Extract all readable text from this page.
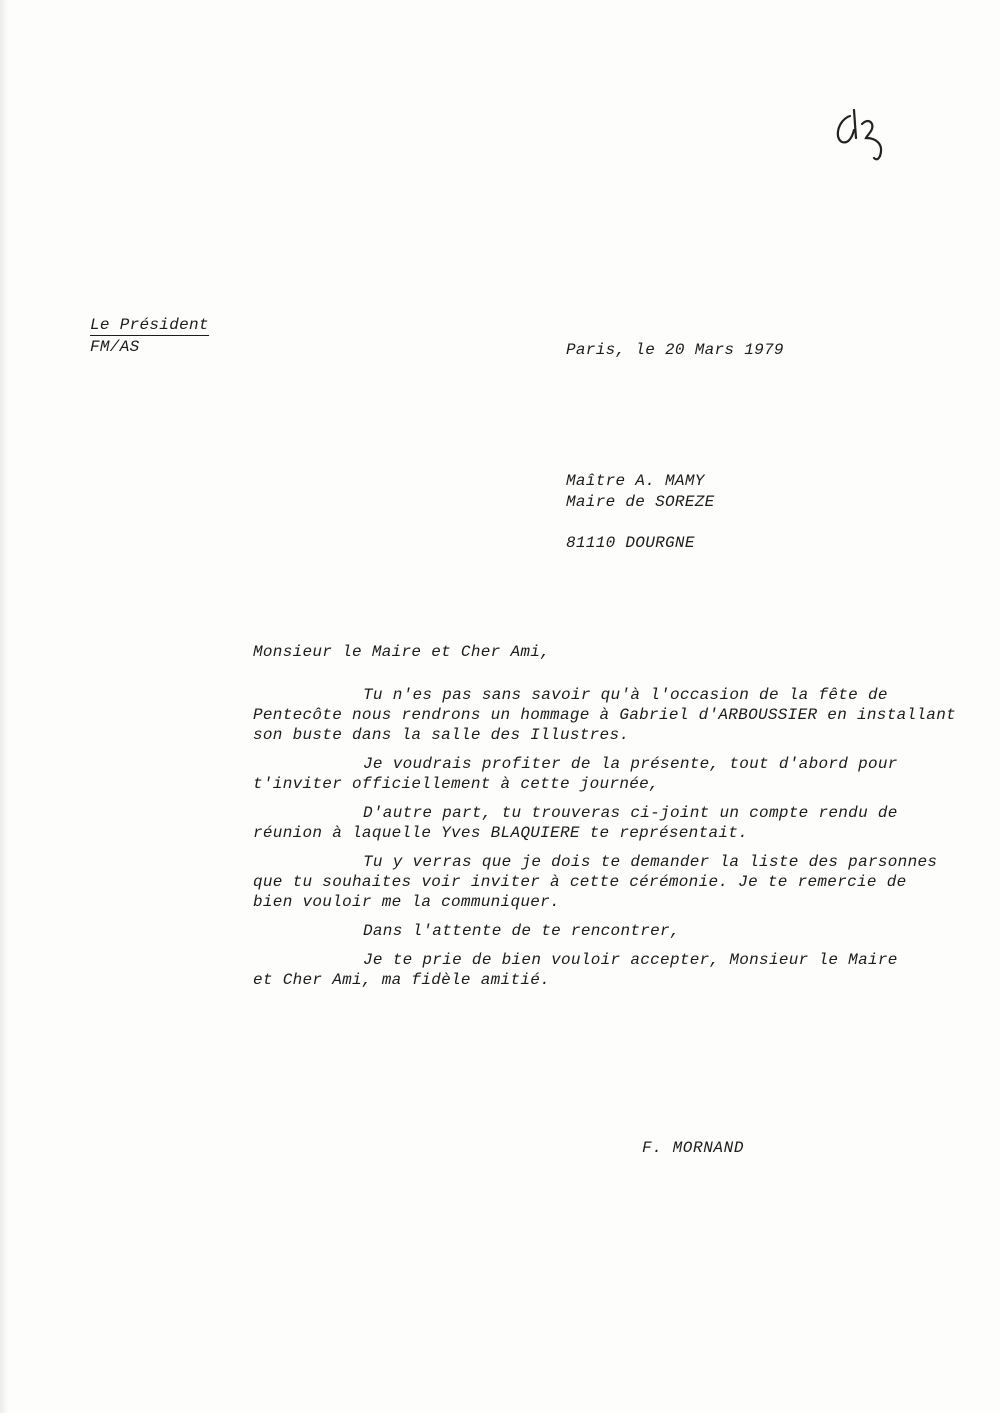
Le Président
FM/AS	Paris, le 20 Mars 1979
Maître A. MAMY
Maire de SOREZE
81110 DOURGNE
Monsieur le Maire et Cher Ami,
Tu n'es pas sans savoir qu'à l'occasion de la fête de
Pentecôte nous rendrons un hommage à Gabriel d'ARBOUSSIER en installant
son buste dans la salle des Illustres.
Je voudrais profiter de la présente, tout d'abord pour
t'inviter officiellement à cette journée,
D'autre part, tu trouveras ci-joint un compte rendu de
réunion à laquelle Yves BLAQUIERE te représentait.
Tu y verras que je dois te demander la liste des parsonnes
que tu souhaites voir inviter à cette cérémonie. Je te remercie de
bien vouloir me la communiquer.
Dans l'attente de te rencontrer,
Je te prie de bien vouloir accepter, Monsieur le Maire
et Cher Ami, ma fidèle amitié.
F. MORNAND
